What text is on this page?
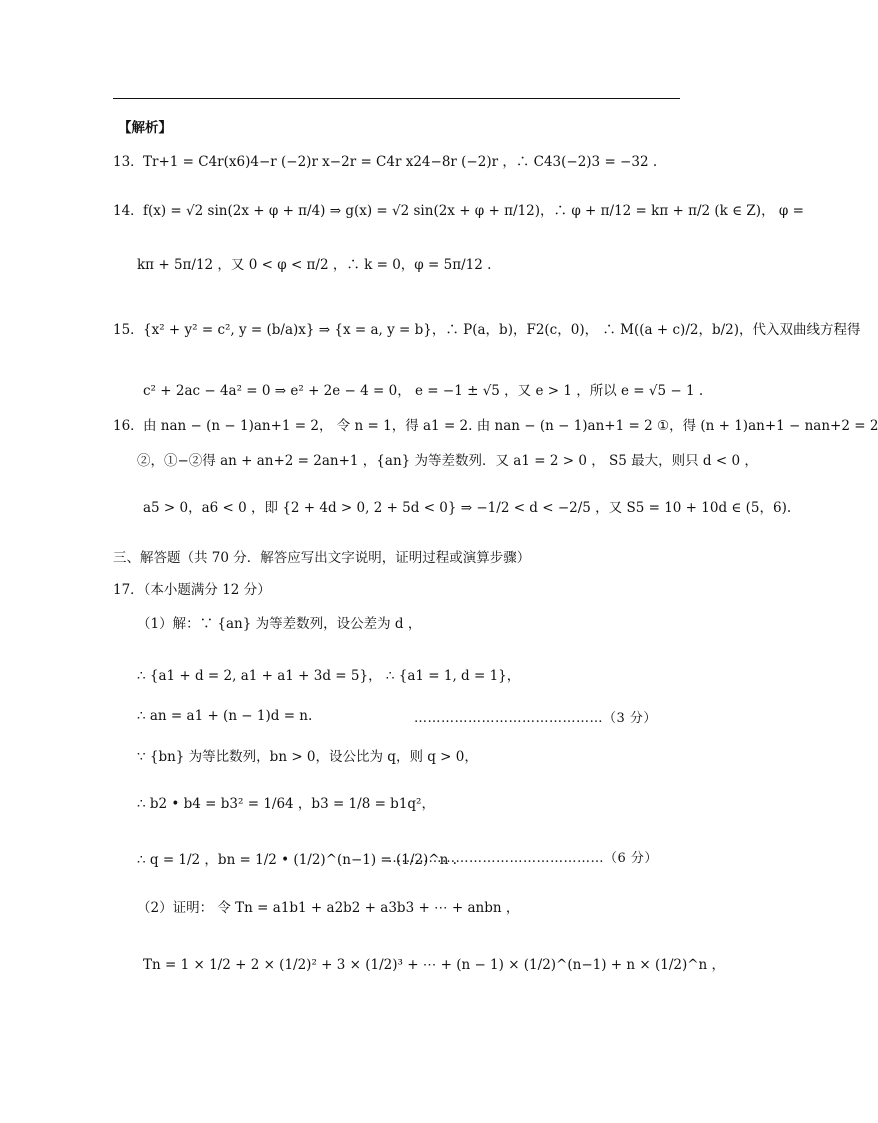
【解析】
13．Tr+1 = C4r(x6)4−r (−2)r x−2r = C4r x24−8r (−2)r ，∴ C43(−2)3 = −32 .
14．f(x) = √2 sin(2x + φ + π/4) ⇒ g(x) = √2 sin(2x + φ + π/12)，∴ φ + π/12 = kπ + π/2 (k ∈ Z)， φ =
kπ + 5π/12 ，又 0 < φ < π/2 ，∴ k = 0，φ = 5π/12 .
15．{x² + y² = c², y = (b/a)x} ⇒ {x = a, y = b}，∴ P(a，b)，F2(c，0)， ∴ M((a + c)/2，b/2)，代入双曲线方程得
c² + 2ac − 4a² = 0 ⇒ e² + 2e − 4 = 0， e = −1 ± √5 ，又 e > 1 ，所以 e = √5 − 1 .
16．由 nan − (n − 1)an+1 = 2， 令 n = 1，得 a1 = 2. 由 nan − (n − 1)an+1 = 2 ①，得 (n + 1)an+1 − nan+2 = 2
②，①−②得 an + an+2 = 2an+1 ，{an} 为等差数列．又 a1 = 2 > 0 ， S5 最大，则只 d < 0 ，
a5 > 0，a6 < 0 ，即 {2 + 4d > 0, 2 + 5d < 0} ⇒ −1/2 < d < −2/5 ，又 S5 = 10 + 10d ∈ (5，6).
三、解答题（共 70 分．解答应写出文字说明，证明过程或演算步骤）
17．（本小题满分 12 分）
（1）解：∵ {an} 为等差数列，设公差为 d ，
∴ {a1 + d = 2, a1 + a1 + 3d = 5}， ∴ {a1 = 1, d = 1}，
∴ an = a1 + (n − 1)d = n.	……………………………………（3 分）
∵ {bn} 为等比数列，bn > 0，设公比为 q，则 q > 0，
∴ b2 • b4 = b3² = 1/64 ，b3 = 1/8 = b1q²，
∴ q = 1/2 ，bn = 1/2 • (1/2)^(n−1) = (1/2)^n .
…………………………………………（6 分）
（2）证明： 令 Tn = a1b1 + a2b2 + a3b3 + ⋯ + anbn ，
Tn = 1 × 1/2 + 2 × (1/2)² + 3 × (1/2)³ + ⋯ + (n − 1) × (1/2)^(n−1) + n × (1/2)^n ，
